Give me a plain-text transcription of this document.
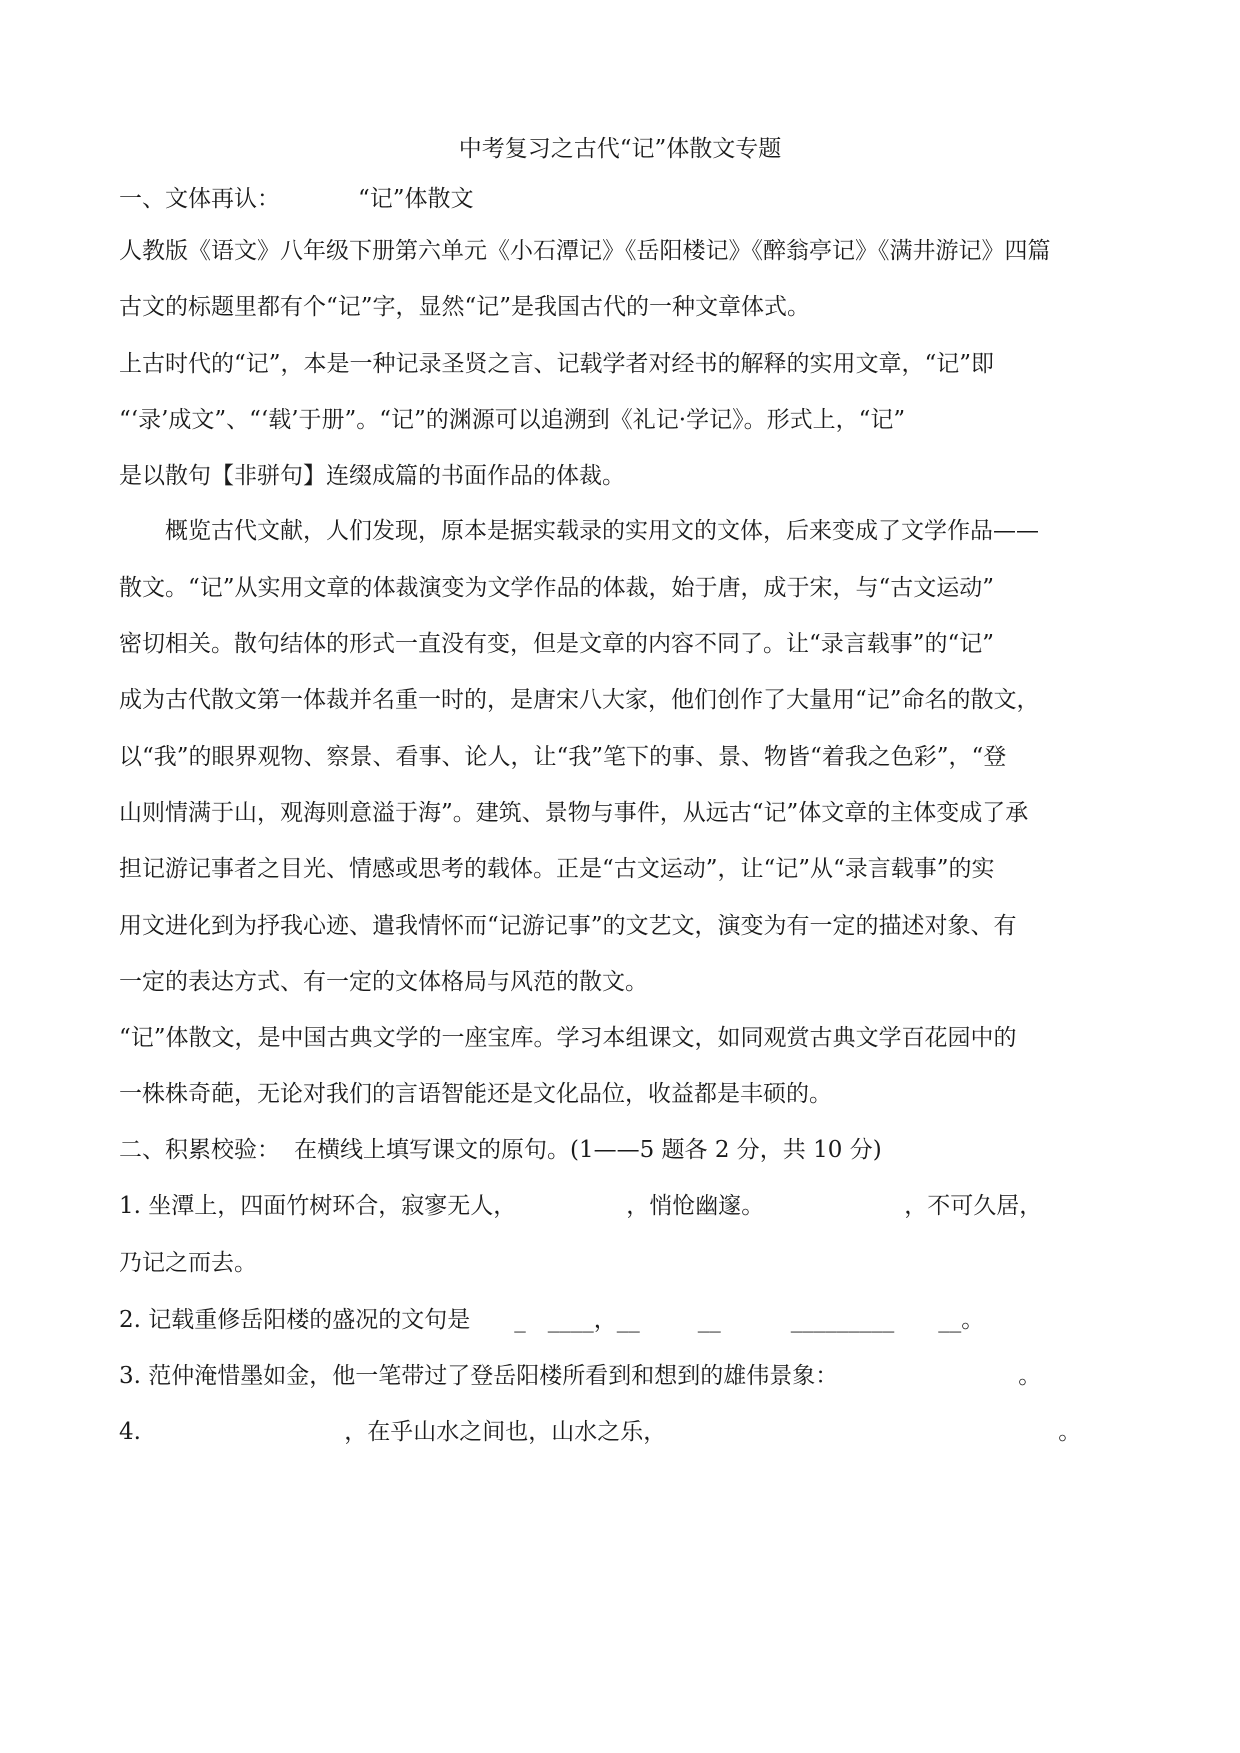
中考复习之古代“记”体散文专题
一、文体再认：	“记”体散文
人教版《语文》八年级下册第六单元《小石潭记》《岳阳楼记》《醉翁亭记》《满井游记》四篇
古文的标题里都有个“记”字，显然“记”是我国古代的一种文章体式。
上古时代的“记”，本是一种记录圣贤之言、记载学者对经书的解释的实用文章，“记”即
“‘录’成文”、“‘载’于册”。“记”的渊源可以追溯到《礼记·学记》。形式上，“记”
是以散句【非骈句】连缀成篇的书面作品的体裁。
概览古代文献，人们发现，原本是据实载录的实用文的文体，后来变成了文学作品——
散文。“记”从实用文章的体裁演变为文学作品的体裁，始于唐，成于宋，与“古文运动”
密切相关。散句结体的形式一直没有变，但是文章的内容不同了。让“录言载事”的“记”
成为古代散文第一体裁并名重一时的，是唐宋八大家，他们创作了大量用“记”命名的散文，
以“我”的眼界观物、察景、看事、论人，让“我”笔下的事、景、物皆“着我之色彩”，“登
山则情满于山，观海则意溢于海”。建筑、景物与事件，从远古“记”体文章的主体变成了承
担记游记事者之目光、情感或思考的载体。正是“古文运动”，让“记”从“录言载事”的实
用文进化到为抒我心迹、遣我情怀而“记游记事”的文艺文，演变为有一定的描述对象、有
一定的表达方式、有一定的文体格局与风范的散文。
“记”体散文，是中国古典文学的一座宝库。学习本组课文，如同观赏古典文学百花园中的
一株株奇葩，无论对我们的言语智能还是文化品位，收益都是丰硕的。
二、积累校验： 在横线上填写课文的原句。(1——5 题各 2 分，共 10 分)
1. 坐潭上，四面竹树环合，寂寥无人，	，悄怆幽邃。	，不可久居，
乃记之而去。
2. 记载重修岳阳楼的盛况的文句是 _ ____，__	__	_________ __。
3. 范仲淹惜墨如金，他一笔带过了登岳阳楼所看到和想到的雄伟景象：	。
4.	，在乎山水之间也，山水之乐，	。
